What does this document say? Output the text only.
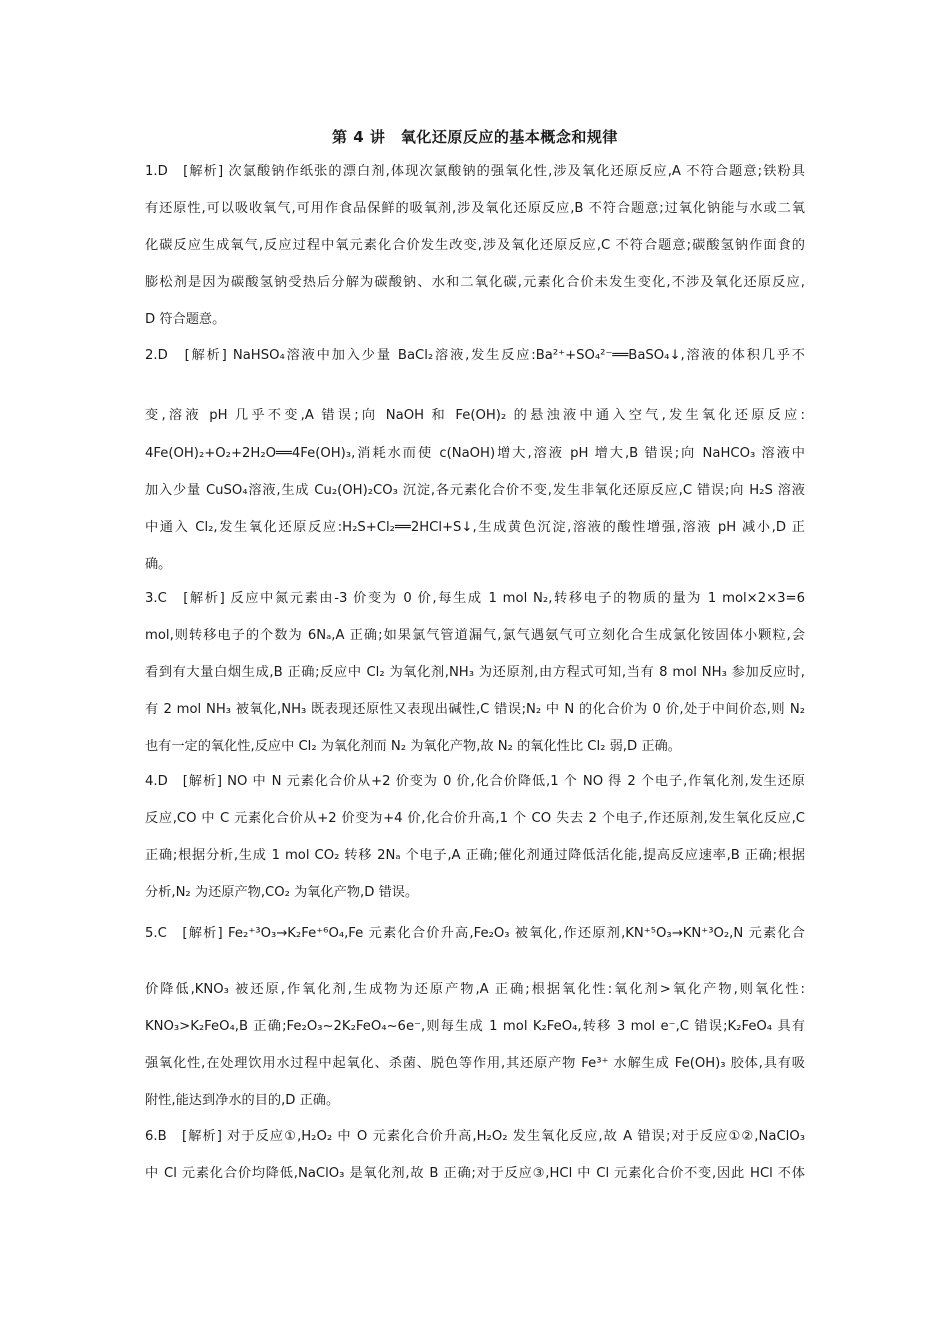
第 4 讲　氧化还原反应的基本概念和规律
1.D　[解析] 次氯酸钠作纸张的漂白剂,体现次氯酸钠的强氧化性,涉及氧化还原反应,A 不符合题意;铁粉具
有还原性,可以吸收氧气,可用作食品保鲜的吸氧剂,涉及氧化还原反应,B 不符合题意;过氧化钠能与水或二氧
化碳反应生成氧气,反应过程中氧元素化合价发生改变,涉及氧化还原反应,C 不符合题意;碳酸氢钠作面食的
膨松剂是因为碳酸氢钠受热后分解为碳酸钠、水和二氧化碳,元素化合价未发生变化,不涉及氧化还原反应,
D 符合题意。
2.D　[解析] NaHSO₄溶液中加入少量 BaCl₂溶液,发生反应:Ba²⁺+SO₄²⁻══BaSO₄↓,溶液的体积几乎不
变,溶液 pH 几乎不变,A 错误;向 NaOH 和 Fe(OH)₂ 的悬浊液中通入空气,发生氧化还原反应:
4Fe(OH)₂+O₂+2H₂O══4Fe(OH)₃,消耗水而使 c(NaOH)增大,溶液 pH 增大,B 错误;向 NaHCO₃ 溶液中
加入少量 CuSO₄溶液,生成 Cu₂(OH)₂CO₃ 沉淀,各元素化合价不变,发生非氧化还原反应,C 错误;向 H₂S 溶液
中通入 Cl₂,发生氧化还原反应:H₂S+Cl₂══2HCl+S↓,生成黄色沉淀,溶液的酸性增强,溶液 pH 减小,D 正
确。
3.C　[解析] 反应中氮元素由-3 价变为 0 价,每生成 1 mol N₂,转移电子的物质的量为 1 mol×2×3=6
mol,则转移电子的个数为 6Nₐ,A 正确;如果氯气管道漏气,氯气遇氨气可立刻化合生成氯化铵固体小颗粒,会
看到有大量白烟生成,B 正确;反应中 Cl₂ 为氧化剂,NH₃ 为还原剂,由方程式可知,当有 8 mol NH₃ 参加反应时,
有 2 mol NH₃ 被氧化,NH₃ 既表现还原性又表现出碱性,C 错误;N₂ 中 N 的化合价为 0 价,处于中间价态,则 N₂
也有一定的氧化性,反应中 Cl₂ 为氧化剂而 N₂ 为氧化产物,故 N₂ 的氧化性比 Cl₂ 弱,D 正确。
4.D　[解析] NO 中 N 元素化合价从+2 价变为 0 价,化合价降低,1 个 NO 得 2 个电子,作氧化剂,发生还原
反应,CO 中 C 元素化合价从+2 价变为+4 价,化合价升高,1 个 CO 失去 2 个电子,作还原剂,发生氧化反应,C
正确;根据分析,生成 1 mol CO₂ 转移 2Nₐ 个电子,A 正确;催化剂通过降低活化能,提高反应速率,B 正确;根据
分析,N₂ 为还原产物,CO₂ 为氧化产物,D 错误。
5.C　[解析] Fe₂⁺³O₃→K₂Fe⁺⁶O₄,Fe 元素化合价升高,Fe₂O₃ 被氧化,作还原剂,KN⁺⁵O₃→KN⁺³O₂,N 元素化合
价降低,KNO₃ 被还原,作氧化剂,生成物为还原产物,A 正确;根据氧化性:氧化剂>氧化产物,则氧化性:
KNO₃>K₂FeO₄,B 正确;Fe₂O₃~2K₂FeO₄~6e⁻,则每生成 1 mol K₂FeO₄,转移 3 mol e⁻,C 错误;K₂FeO₄ 具有
强氧化性,在处理饮用水过程中起氧化、杀菌、脱色等作用,其还原产物 Fe³⁺ 水解生成 Fe(OH)₃ 胶体,具有吸
附性,能达到净水的目的,D 正确。
6.B　[解析] 对于反应①,H₂O₂ 中 O 元素化合价升高,H₂O₂ 发生氧化反应,故 A 错误;对于反应①②,NaClO₃
中 Cl 元素化合价均降低,NaClO₃ 是氧化剂,故 B 正确;对于反应③,HCl 中 Cl 元素化合价不变,因此 HCl 不体
